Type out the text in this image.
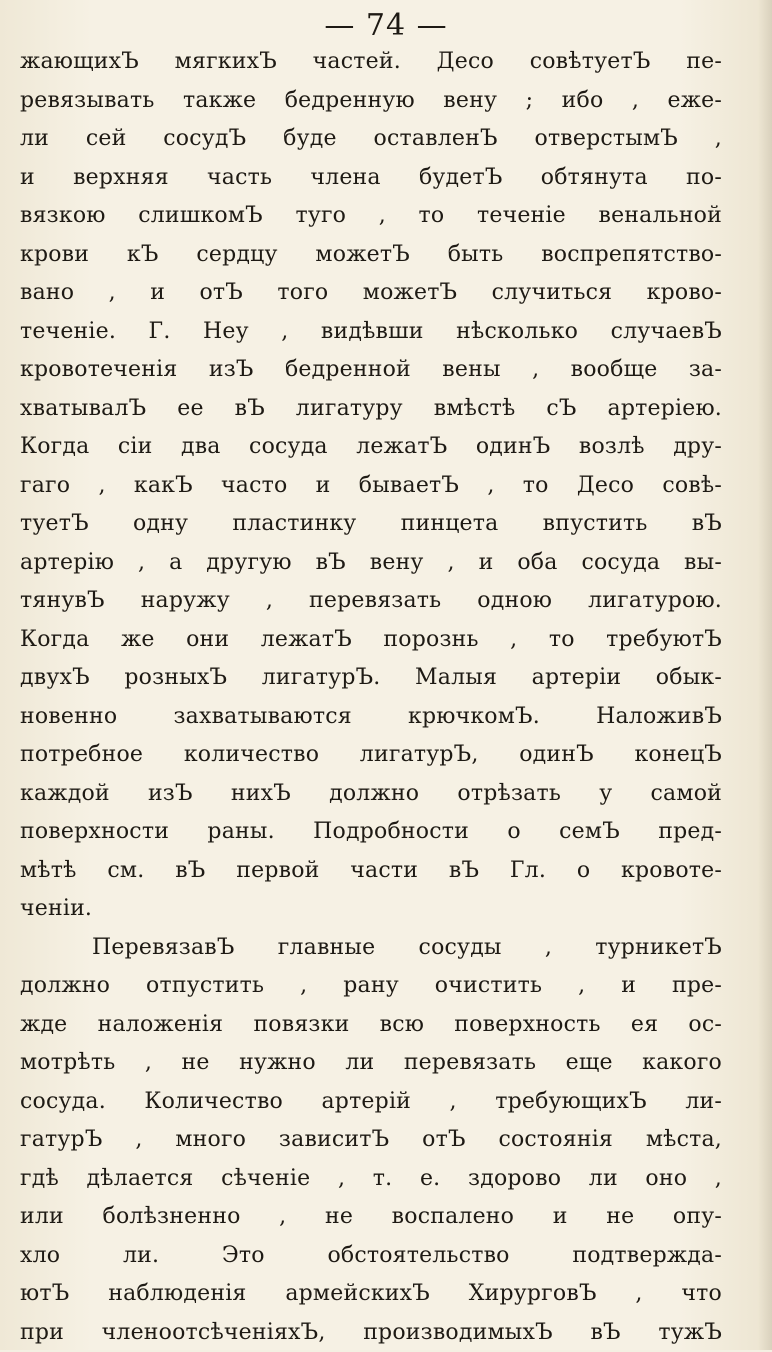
— 74 —
жающихЪ мягкихЪ частей. Десо совѣтуетЪ пе-
ревязывать также бедренную вену ; ибо , еже-
ли сей сосудЪ буде оставленЪ отверстымЪ ,
и верхняя часть члена будетЪ обтянута по-
вязкою слишкомЪ туго , то теченіе венальной
крови кЪ сердцу можетЪ быть воспрепятство-
вано , и отЪ того можетЪ случиться крово-
теченіе. Г. Неу , видѣвши нѣсколько случаевЪ
кровотеченія изЪ бедренной вены , вообще за-
хватывалЪ ее вЪ лигатуру вмѣстѣ сЪ артеріею.
Когда сіи два сосуда лежатЪ одинЪ возлѣ дру-
гаго , какЪ часто и бываетЪ , то Десо совѣ-
туетЪ одну пластинку пинцета впустить вЪ
артерію , а другую вЪ вену , и оба сосуда вы-
тянувЪ наружу , перевязать одною лигатурою.
Когда же они лежатЪ порознь , то требуютЪ
двухЪ розныхЪ лигатурЪ. Малыя артеріи обык-
новенно захватываются крючкомЪ. НаложивЪ
потребное количество лигатурЪ, одинЪ конецЪ
каждой изЪ нихЪ должно отрѣзать у самой
поверхности раны. Подробности о семЪ пред-
мѣтѣ см. вЪ первой части вЪ Гл. о кровоте-
ченіи.
ПеревязавЪ главные сосуды , турникетЪ
должно отпустить , рану очистить , и пре-
жде наложенія повязки всю поверхность ея ос-
мотрѣть , не нужно ли перевязать еще какого
сосуда. Количество артерій , требующихЪ ли-
гатурЪ , много зависитЪ отЪ состоянія мѣста,
гдѣ дѣлается сѣченіе , т. е. здорово ли оно ,
или болѣзненно , не воспалено и не опу-
хло ли. Это обстоятельство подтвержда-
ютЪ наблюденія армейскихЪ ХирурговЪ , что
при членоотсѣченіяхЪ, производимыхЪ вЪ тужЪ
